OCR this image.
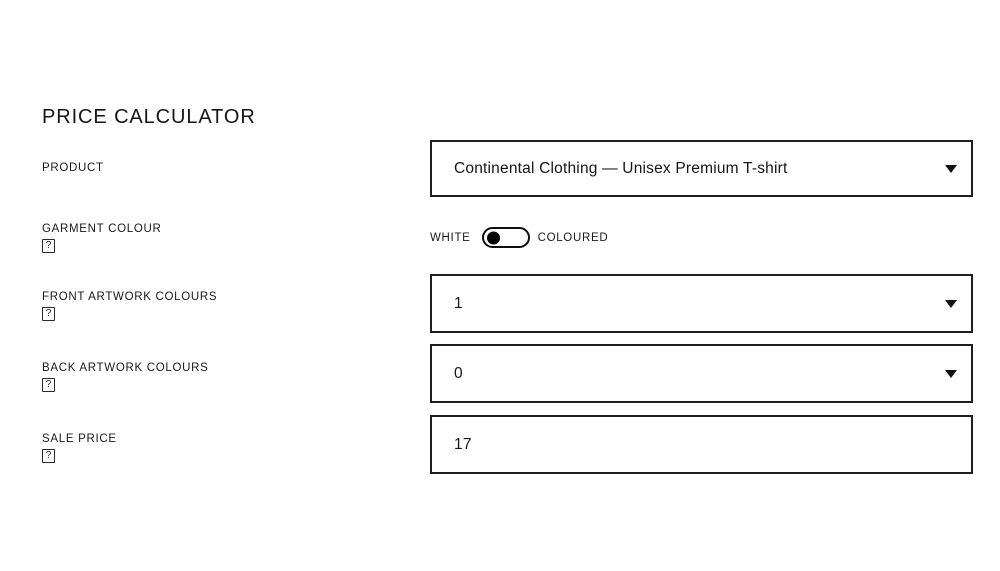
PRICE CALCULATOR
PRODUCT	Continental Clothing — Unisex Premium T-shirt
GARMENT COLOUR
?
WHITE	COLOURED
FRONT ARTWORK COLOURS
?
1
BACK ARTWORK COLOURS
?
0
SALE PRICE
?
17
